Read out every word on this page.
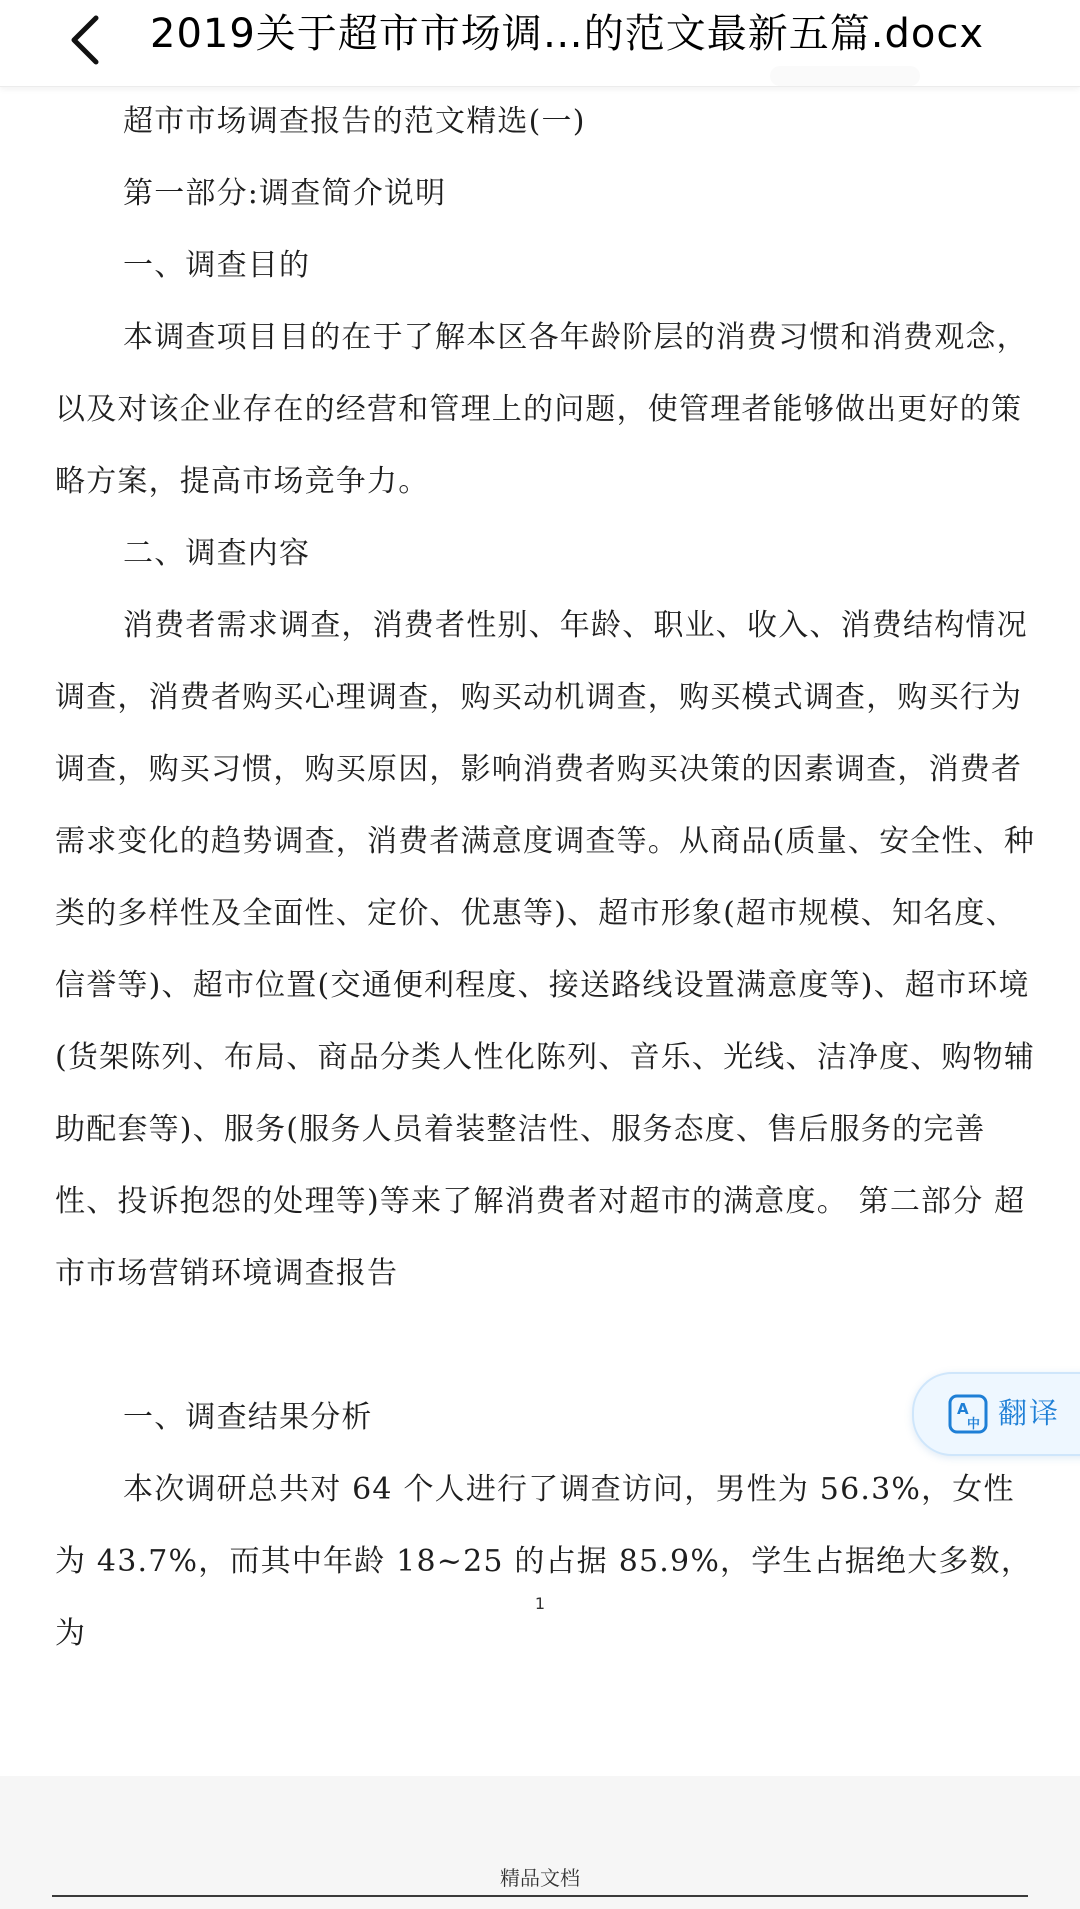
2019关于超市市场调…的范文最新五篇.docx

超市市场调查报告的范文精选(一)

第一部分:调查简介说明

一、调查目的

本调查项目目的在于了解本区各年龄阶层的消费习惯和消费观念，以及对该企业存在的经营和管理上的问题，使管理者能够做出更好的策略方案，提高市场竞争力。

二、调查内容

消费者需求调查，消费者性别、年龄、职业、收入、消费结构情况调查，消费者购买心理调查，购买动机调查，购买模式调查，购买行为调查，购买习惯，购买原因，影响消费者购买决策的因素调查，消费者需求变化的趋势调查，消费者满意度调查等。从商品(质量、安全性、种类的多样性及全面性、定价、优惠等)、超市形象(超市规模、知名度、信誉等)、超市位置(交通便利程度、接送路线设置满意度等)、超市环境(货架陈列、布局、商品分类人性化陈列、音乐、光线、洁净度、购物辅助配套等)、服务(服务人员着装整洁性、服务态度、售后服务的完善性、投诉抱怨的处理等)等来了解消费者对超市的满意度。 第二部分 超市市场营销环境调查报告

一、调查结果分析

本次调研总共对 64 个人进行了调查访问，男性为 56.3%，女性为 43.7%，而其中年龄 18~25 的占据 85.9%，学生占据绝大多数，为

1
精品文档
A
中 翻译
